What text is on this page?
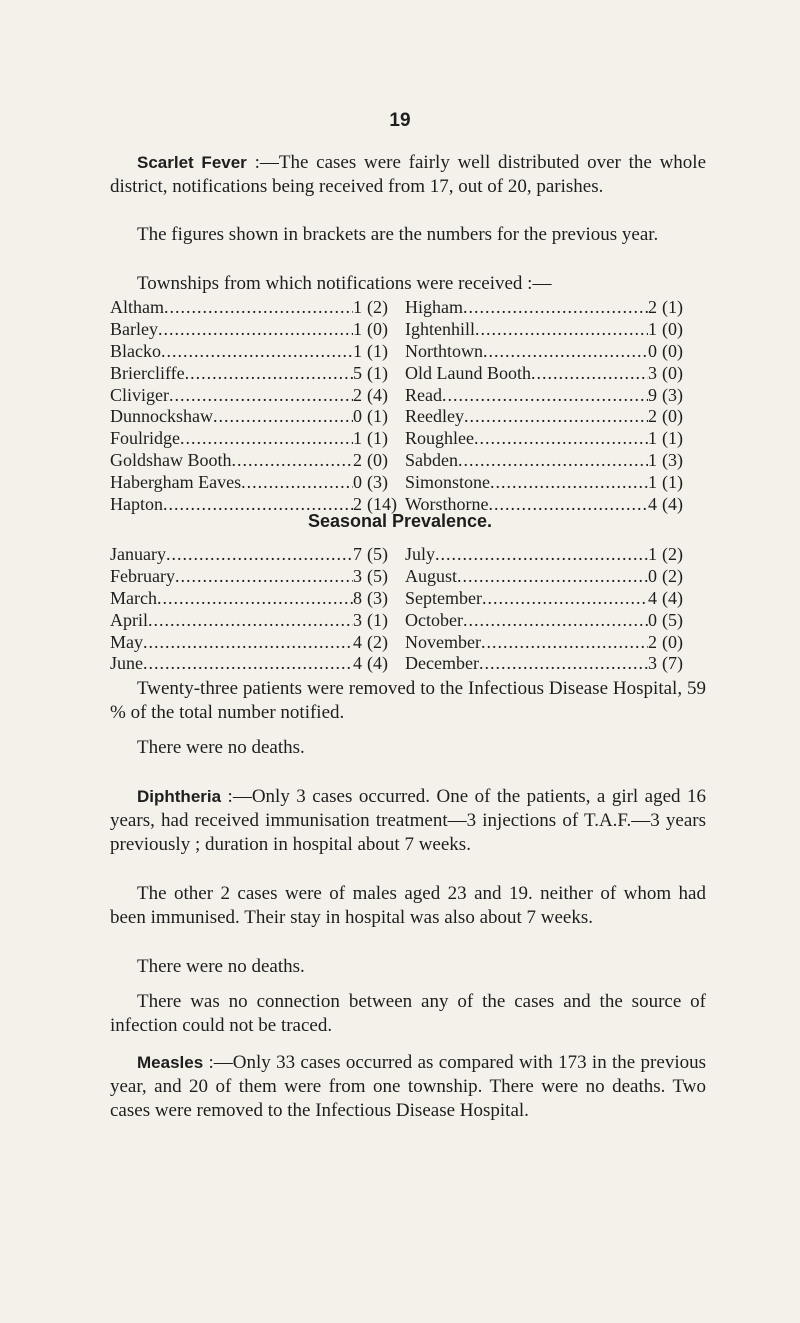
19

Scarlet Fever :—The cases were fairly well distributed over the whole district, notifications being received from 17, out of 20, parishes.

The figures shown in brackets are the numbers for the previous year.

Townships from which notifications were received :—

Altham .....	1 (2)
Barley .....	1 (0)
Blacko .....	1 (1)
Briercliffe .....	5 (1)
Cliviger .....	2 (4)
Dunnockshaw .....	0 (1)
Foulridge .....	1 (1)
Goldshaw Booth .....	2 (0)
Habergham Eaves .....	0 (3)
Hapton .....	2 (14)
Higham .....	2 (1)
Ightenhill .....	1 (0)
Northtown .....	0 (0)
Old Laund Booth .....	3 (0)
Read .....	9 (3)
Reedley .....	2 (0)
Roughlee .....	1 (1)
Sabden .....	1 (3)
Simonstone .....	1 (1)
Worsthorne .....	4 (4)

Seasonal Prevalence.

January .....	7 (5)
February .....	3 (5)
March .....	8 (3)
April .....	3 (1)
May .....	4 (2)
June .....	4 (4)
July .....	1 (2)
August .....	0 (2)
September .....	4 (4)
October .....	0 (5)
November .....	2 (0)
December .....	3 (7)

Twenty-three patients were removed to the Infectious Disease Hospital, 59 % of the total number notified.

There were no deaths.

Diphtheria :—Only 3 cases occurred. One of the patients, a girl aged 16 years, had received immunisation treatment—3 injections of T.A.F.—3 years previously ; duration in hospital about 7 weeks.

The other 2 cases were of males aged 23 and 19. neither of whom had been immunised. Their stay in hospital was also about 7 weeks.

There were no deaths.

There was no connection between any of the cases and the source of infection could not be traced.

Measles :—Only 33 cases occurred as compared with 173 in the previous year, and 20 of them were from one township. There were no deaths. Two cases were removed to the Infectious Disease Hospital.
